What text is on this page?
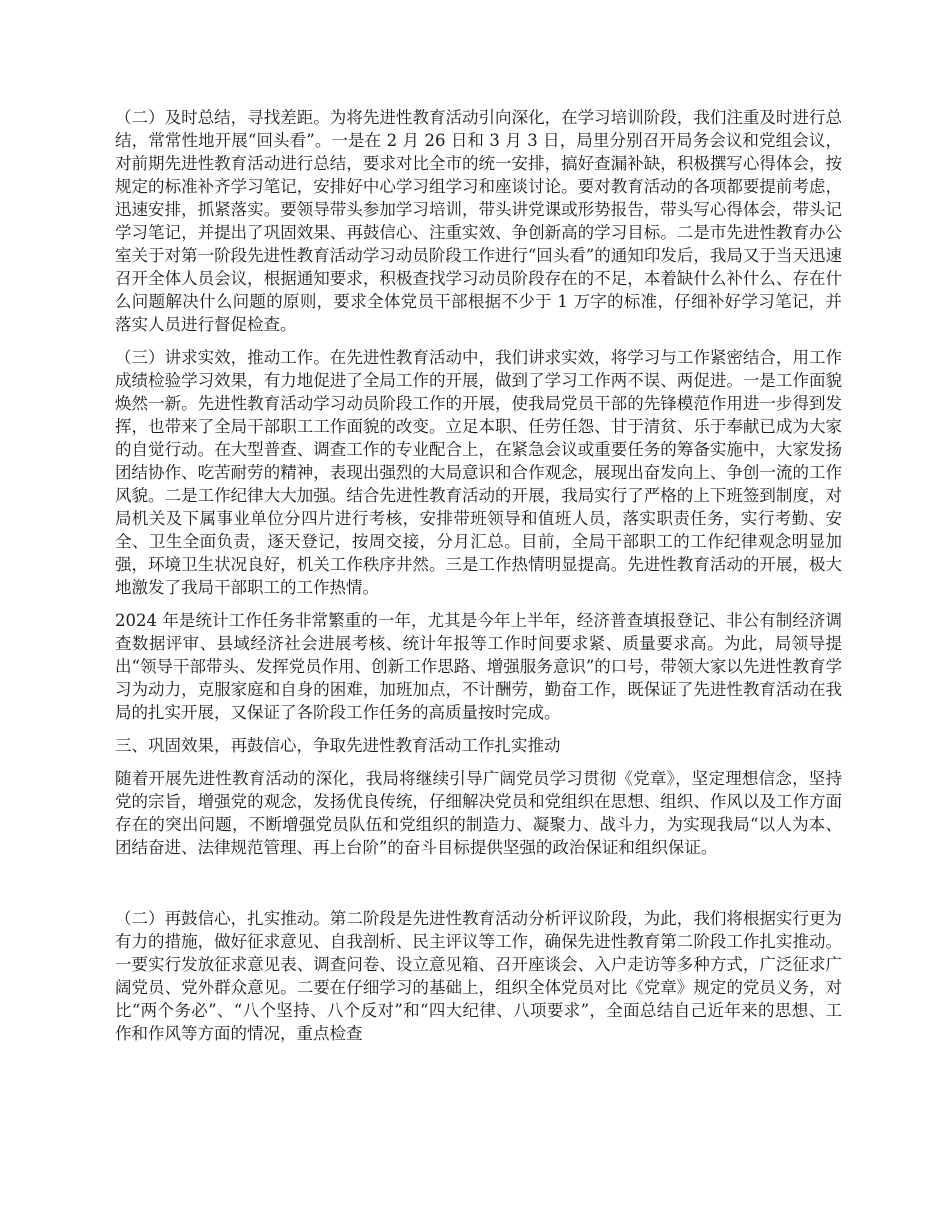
（二）及时总结，寻找差距。为将先进性教育活动引向深化，在学习培训阶段，我们注重及时进行总结，常常性地开展“回头看”。一是在 2 月 26 日和 3 月 3 日，局里分别召开局务会议和党组会议，对前期先进性教育活动进行总结，要求对比全市的统一安排，搞好查漏补缺，积极撰写心得体会，按规定的标准补齐学习笔记，安排好中心学习组学习和座谈讨论。要对教育活动的各项都要提前考虑，迅速安排，抓紧落实。要领导带头参加学习培训，带头讲党课或形势报告，带头写心得体会，带头记学习笔记，并提出了巩固效果、再鼓信心、注重实效、争创新高的学习目标。二是市先进性教育办公室关于对第一阶段先进性教育活动学习动员阶段工作进行“回头看”的通知印发后，我局又于当天迅速召开全体人员会议，根据通知要求，积极查找学习动员阶段存在的不足，本着缺什么补什么、存在什么问题解决什么问题的原则，要求全体党员干部根据不少于 1 万字的标准，仔细补好学习笔记，并落实人员进行督促检查。

（三）讲求实效，推动工作。在先进性教育活动中，我们讲求实效，将学习与工作紧密结合，用工作成绩检验学习效果，有力地促进了全局工作的开展，做到了学习工作两不误、两促进。一是工作面貌焕然一新。先进性教育活动学习动员阶段工作的开展，使我局党员干部的先锋模范作用进一步得到发挥，也带来了全局干部职工工作面貌的改变。立足本职、任劳任怨、甘于清贫、乐于奉献已成为大家的自觉行动。在大型普查、调查工作的专业配合上，在紧急会议或重要任务的筹备实施中，大家发扬团结协作、吃苦耐劳的精神，表现出强烈的大局意识和合作观念，展现出奋发向上、争创一流的工作风貌。二是工作纪律大大加强。结合先进性教育活动的开展，我局实行了严格的上下班签到制度，对局机关及下属事业单位分四片进行考核，安排带班领导和值班人员，落实职责任务，实行考勤、安全、卫生全面负责，逐天登记，按周交接，分月汇总。目前，全局干部职工的工作纪律观念明显加强，环境卫生状况良好，机关工作秩序井然。三是工作热情明显提高。先进性教育活动的开展，极大地激发了我局干部职工的工作热情。

2024 年是统计工作任务非常繁重的一年，尤其是今年上半年，经济普查填报登记、非公有制经济调查数据评审、县域经济社会进展考核、统计年报等工作时间要求紧、质量要求高。为此，局领导提出“领导干部带头、发挥党员作用、创新工作思路、增强服务意识”的口号，带领大家以先进性教育学习为动力，克服家庭和自身的困难，加班加点，不计酬劳，勤奋工作，既保证了先进性教育活动在我局的扎实开展，又保证了各阶段工作任务的高质量按时完成。

三、巩固效果，再鼓信心，争取先进性教育活动工作扎实推动

随着开展先进性教育活动的深化，我局将继续引导广阔党员学习贯彻《党章》，坚定理想信念，坚持党的宗旨，增强党的观念，发扬优良传统，仔细解决党员和党组织在思想、组织、作风以及工作方面存在的突出问题，不断增强党员队伍和党组织的制造力、凝聚力、战斗力，为实现我局“以人为本、团结奋进、法律规范管理、再上台阶”的奋斗目标提供坚强的政治保证和组织保证。

（二）再鼓信心，扎实推动。第二阶段是先进性教育活动分析评议阶段，为此，我们将根据实行更为有力的措施，做好征求意见、自我剖析、民主评议等工作，确保先进性教育第二阶段工作扎实推动。一要实行发放征求意见表、调查问卷、设立意见箱、召开座谈会、入户走访等多种方式，广泛征求广阔党员、党外群众意见。二要在仔细学习的基础上，组织全体党员对比《党章》规定的党员义务，对比“两个务必”、“八个坚持、八个反对”和“四大纪律、八项要求”，全面总结自己近年来的思想、工作和作风等方面的情况，重点检查
